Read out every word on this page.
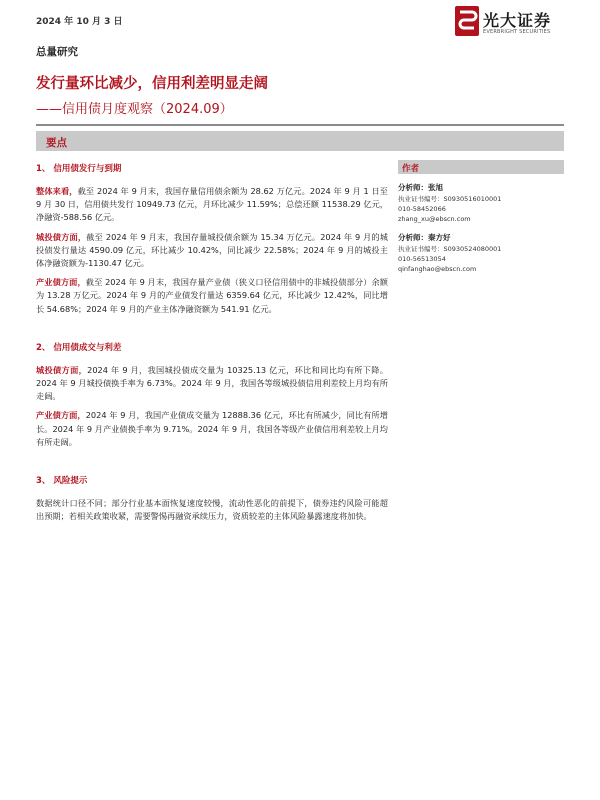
2024 年 10 月 3 日	光大证券
EVERBRIGHT SECURITIES
总量研究
发行量环比减少，信用利差明显走阔
——信用债月度观察（2024.09）
要点
1、 信用债发行与到期

整体来看，截至 2024 年 9 月末，我国存量信用债余额为 28.62 万亿元。2024 年 9 月 1 日至 9 月 30 日，信用债共发行 10949.73 亿元，月环比减少 11.59%；总偿还额 11538.29 亿元，净融资-588.56 亿元。

城投债方面，截至 2024 年 9 月末，我国存量城投债余额为 15.34 万亿元。2024 年 9 月的城投债发行量达 4590.09 亿元，环比减少 10.42%，同比减少 22.58%；2024 年 9 月的城投主体净融资额为-1130.47 亿元。

产业债方面，截至 2024 年 9 月末，我国存量产业债（狭义口径信用债中的非城投债部分）余额为 13.28 万亿元。2024 年 9 月的产业债发行量达 6359.64 亿元，环比减少 12.42%，同比增长 54.68%；2024 年 9 月的产业主体净融资额为 541.91 亿元。

2、 信用债成交与利差

城投债方面，2024 年 9 月，我国城投债成交量为 10325.13 亿元，环比和同比均有所下降。2024 年 9 月城投债换手率为 6.73%。2024 年 9 月，我国各等级城投债信用利差较上月均有所走阔。

产业债方面，2024 年 9 月，我国产业债成交量为 12888.36 亿元，环比有所减少，同比有所增长。2024 年 9 月产业债换手率为 9.71%。2024 年 9 月，我国各等级产业债信用利差较上月均有所走阔。

3、 风险提示

数据统计口径不同；部分行业基本面恢复速度较慢，流动性恶化的前提下，债券违约风险可能超出预期；若相关政策收紧，需要警惕再融资承续压力，资质较差的主体风险暴露速度将加快。

作者
分析师：张旭
执业证书编号：S0930516010001
010-58452066
zhang_xu@ebscn.com
分析师：秦方好
执业证书编号：S0930524080001
010-56513054
qinfanghao@ebscn.com
